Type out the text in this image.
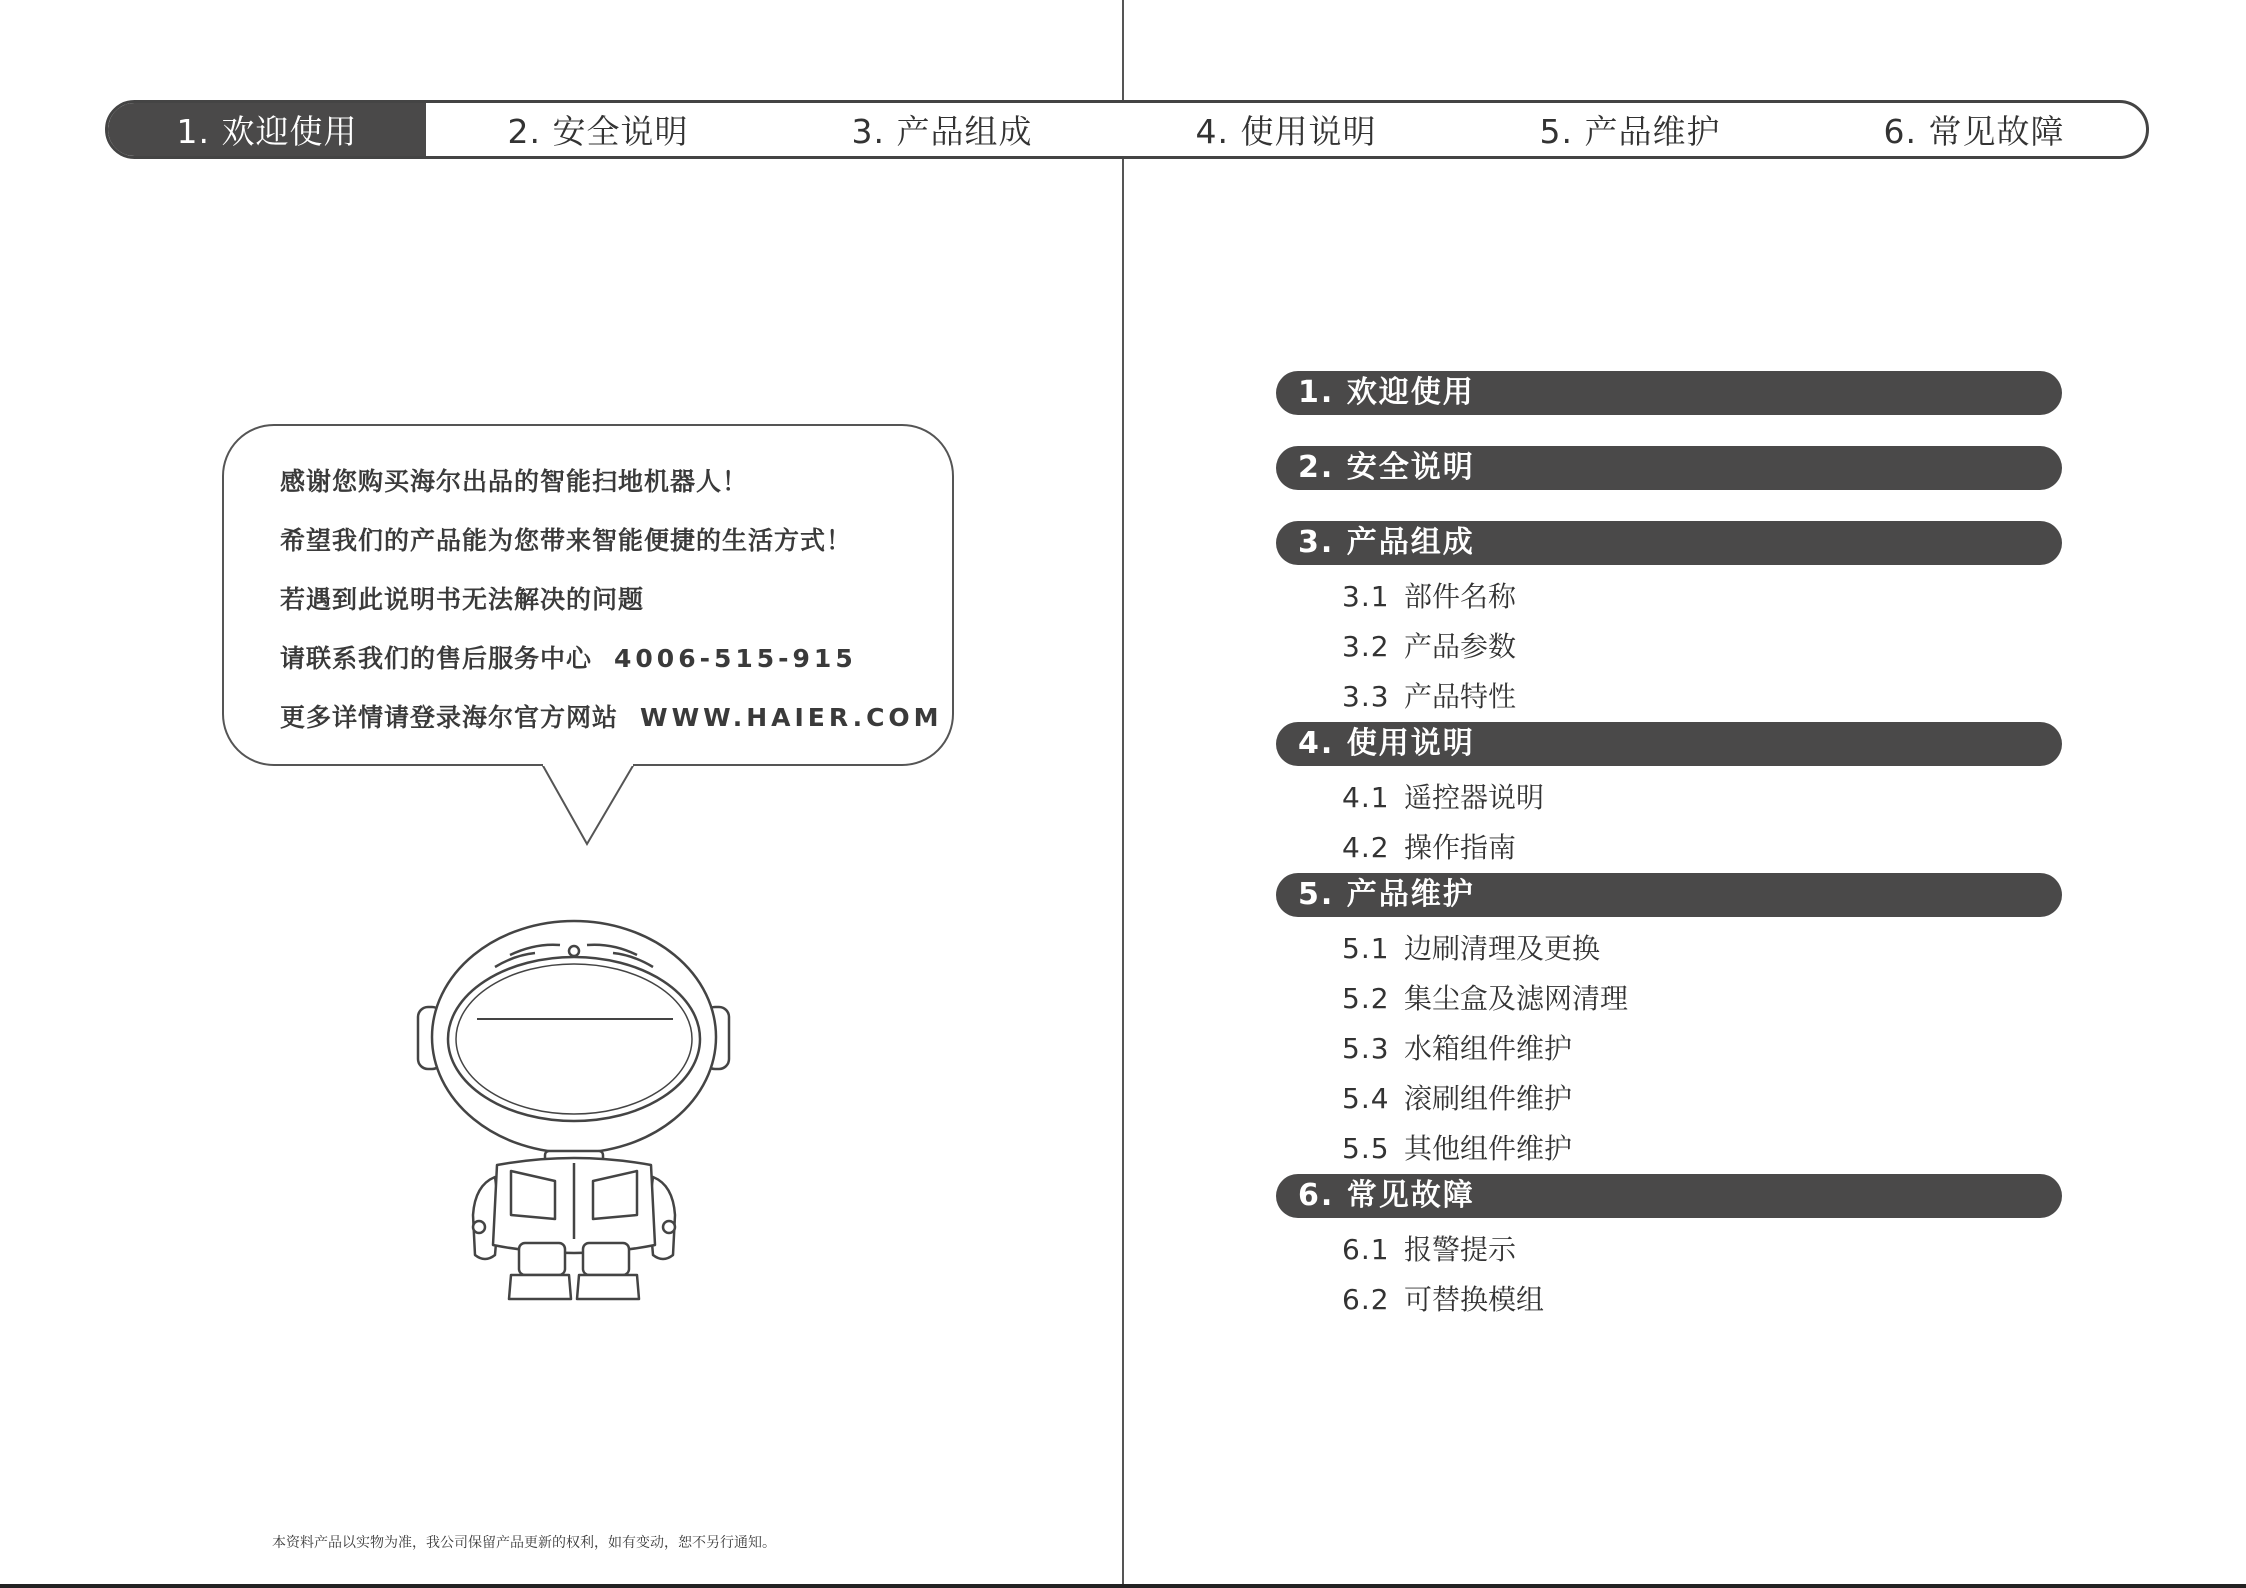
1. 欢迎使用	2. 安全说明	3. 产品组成	4. 使用说明	5. 产品维护	6. 常见故障
感谢您购买海尔出品的智能扫地机器人！
希望我们的产品能为您带来智能便捷的生活方式！
若遇到此说明书无法解决的问题
请联系我们的售后服务中心 4006-515-915
更多详情请登录海尔官方网站 WWW.HAIER.COM
本资料产品以实物为准，我公司保留产品更新的权利，如有变动，恕不另行通知。
1. 欢迎使用
2. 安全说明
3. 产品组成
3.1 部件名称
3.2 产品参数
3.3 产品特性
4. 使用说明
4.1 遥控器说明
4.2 操作指南
5. 产品维护
5.1 边刷清理及更换
5.2 集尘盒及滤网清理
5.3 水箱组件维护
5.4 滚刷组件维护
5.5 其他组件维护
6. 常见故障
6.1 报警提示
6.2 可替换模组
